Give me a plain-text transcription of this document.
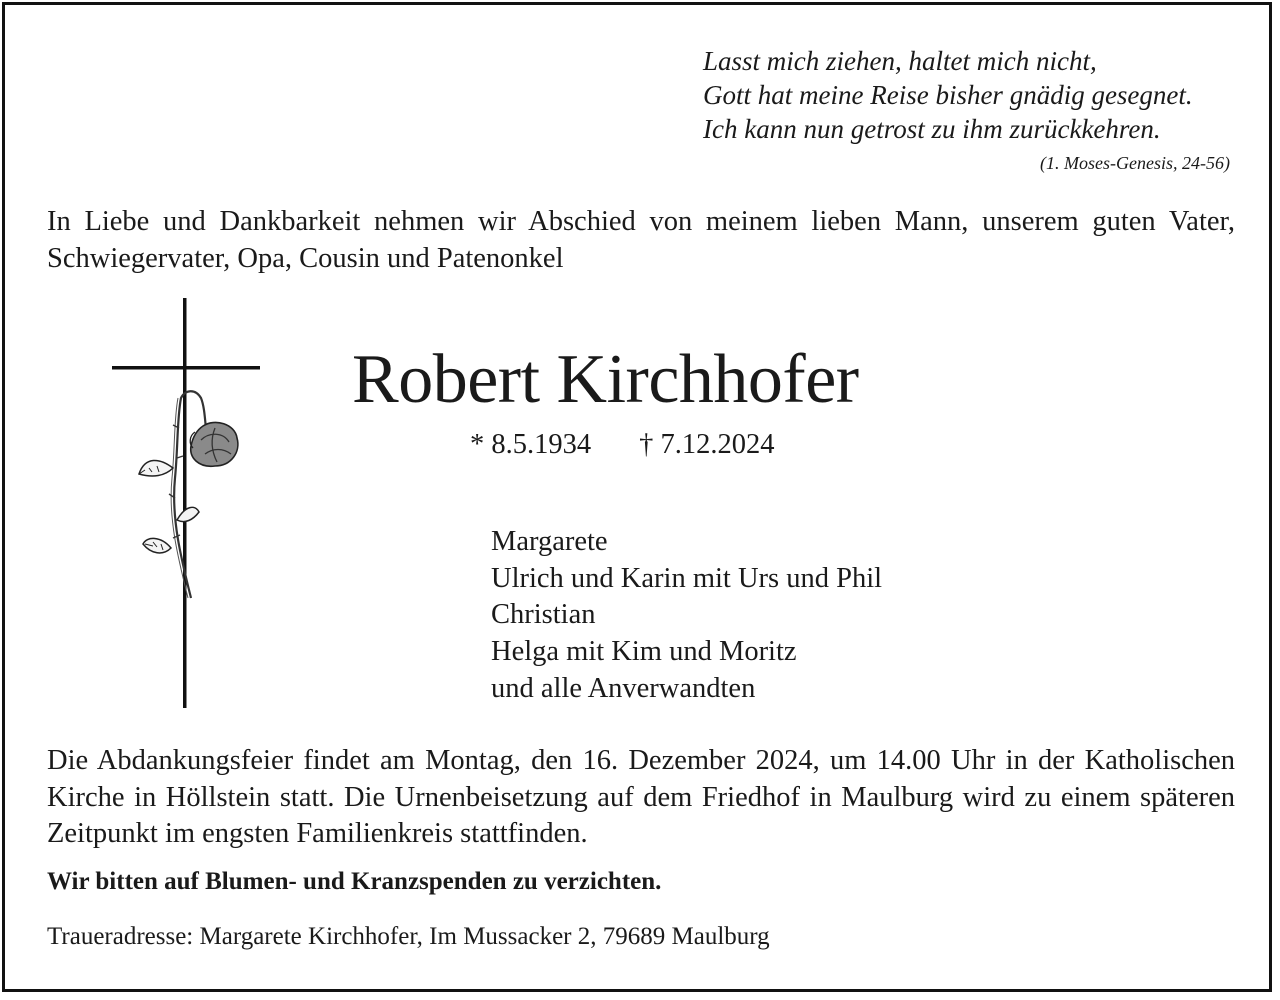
Lasst mich ziehen, haltet mich nicht,
Gott hat meine Reise bisher gnädig gesegnet.
Ich kann nun getrost zu ihm zurückkehren.
(1. Moses-Genesis, 24-56)
In Liebe und Dankbarkeit nehmen wir Abschied von meinem lieben Mann, unserem guten Vater, Schwiegervater, Opa, Cousin und Patenonkel
Robert Kirchhofer
* 8.5.1934 † 7.12.2024
Margarete
Ulrich und Karin mit Urs und Phil
Christian
Helga mit Kim und Moritz
und alle Anverwandten
Die Abdankungsfeier findet am Montag, den 16. Dezember 2024, um 14.00 Uhr in der Katholischen Kirche in Höllstein statt. Die Urnenbeisetzung auf dem Friedhof in Maulburg wird zu einem späteren Zeitpunkt im engsten Familienkreis stattfinden.
Wir bitten auf Blumen- und Kranzspenden zu verzichten.
Traueradresse: Margarete Kirchhofer, Im Mussacker 2, 79689 Maulburg
